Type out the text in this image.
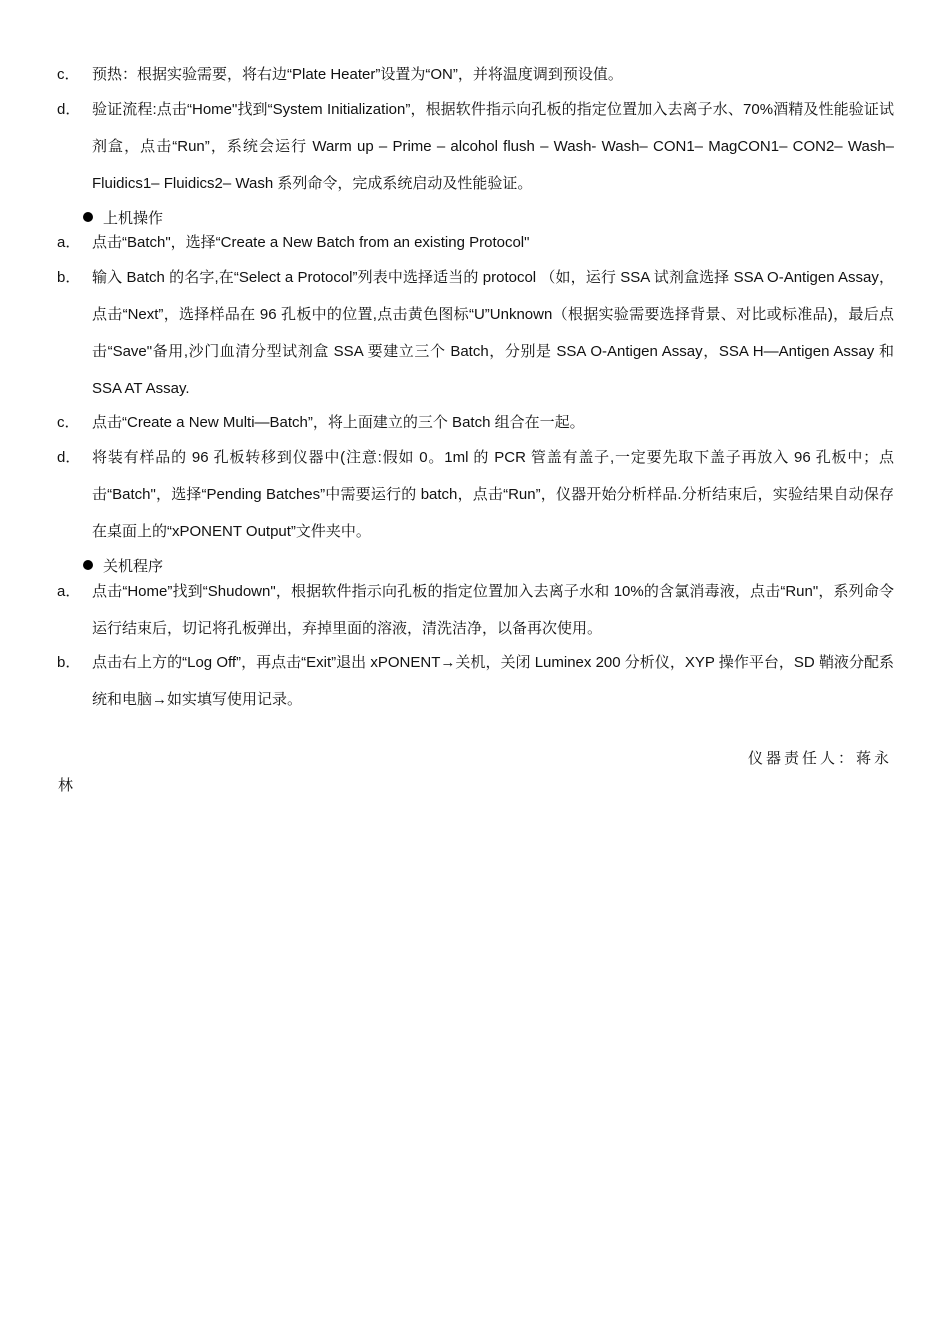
c． 预热：根据实验需要，将右边“Plate Heater”设置为“ON”，并将温度调到预设值。
d． 验证流程:点击“Home"找到“System Initialization”，根据软件指示向孔板的指定位置加入去离子水、70%酒精及性能验证试剂盒，点击“Run”，系统会运行 Warm up – Prime – alcohol flush – Wash- Wash– CON1– MagCON1– CON2– Wash– Fluidics1– Fluidics2– Wash 系列命令，完成系统启动及性能验证。
上机操作
a． 点击“Batch"，选择“Create a New Batch from an existing Protocol"
b． 输入 Batch 的名字,在“Select a Protocol”列表中选择适当的 protocol （如，运行 SSA 试剂盒选择 SSA O-Antigen Assay，点击“Next”，选择样品在 96 孔板中的位置,点击黄色图标“U”Unknown（根据实验需要选择背景、对比或标准品)，最后点击“Save"备用,沙门血清分型试剂盒 SSA 要建立三个 Batch，分别是 SSA O-Antigen Assay，SSA H—Antigen Assay 和 SSA AT Assay.
c． 点击“Create a New Multi—Batch”，将上面建立的三个 Batch 组合在一起。
d． 将装有样品的 96 孔板转移到仪器中(注意:假如 0。1ml 的 PCR 管盖有盖子,一定要先取下盖子再放入 96 孔板中；点击“Batch"，选择“Pending Batches”中需要运行的 batch，点击“Run”，仪器开始分析样品.分析结束后，实验结果自动保存在桌面上的“xPONENT Output”文件夹中。
关机程序
a． 点击“Home”找到“Shudown"，根据软件指示向孔板的指定位置加入去离子水和 10%的含氯消毒液，点击“Run"，系列命令运行结束后，切记将孔板弹出，弃掉里面的溶液，清洗洁净，以备再次使用。
b． 点击右上方的“Log Off”，再点击“Exit”退出 xPONENT→关机，关闭 Luminex 200 分析仪，XYP 操作平台，SD 鞘液分配系统和电脑→如实填写使用记录。
仪器责任人：蒋永
林
